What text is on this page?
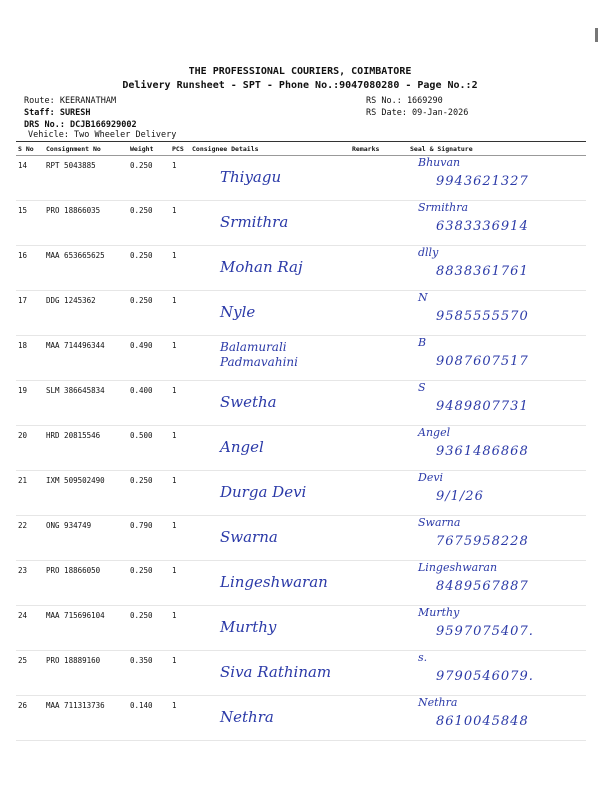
THE PROFESSIONAL COURIERS, COIMBATORE
Delivery Runsheet - SPT - Phone No.:9047080280 - Page No.:2
Route: KEERANATHAM
Staff: SURESH
DRS No.: DCJB166929002
Vehicle: Two Wheeler Delivery
RS No.: 1669290
RS Date: 09-Jan-2026
S No	Consignment No	Weight	PCS	Consignee Details	Remarks	Seal & Signature
14	RPT 5043885	0.250	1	Thiyagu		Bhuvan
9943621327

15	PRO 18866035	0.250	1	Srmithra		Srmithra
6383336914

16	MAA 653665625	0.250	1	Mohan Raj		dlly
8838361761

17	DDG 1245362	0.250	1	Nyle		N
9585555570

18	MAA 714496344	0.490	1	Balamurali Padmavahini		B
9087607517

19	SLM 386645834	0.400	1	Swetha		S
9489807731

20	HRD 20815546	0.500	1	Angel		Angel
9361486868

21	IXM 509502490	0.250	1	Durga Devi		Devi
9/1/26

22	ONG 934749	0.790	1	Swarna		Swarna
7675958228

23	PRO 18866050	0.250	1	Lingeshwaran		Lingeshwaran
8489567887

24	MAA 715696104	0.250	1	Murthy		Murthy
9597075407.

25	PRO 18889160	0.350	1	Siva Rathinam		s.
9790546079.

26	MAA 711313736	0.140	1	Nethra		Nethra
8610045848
